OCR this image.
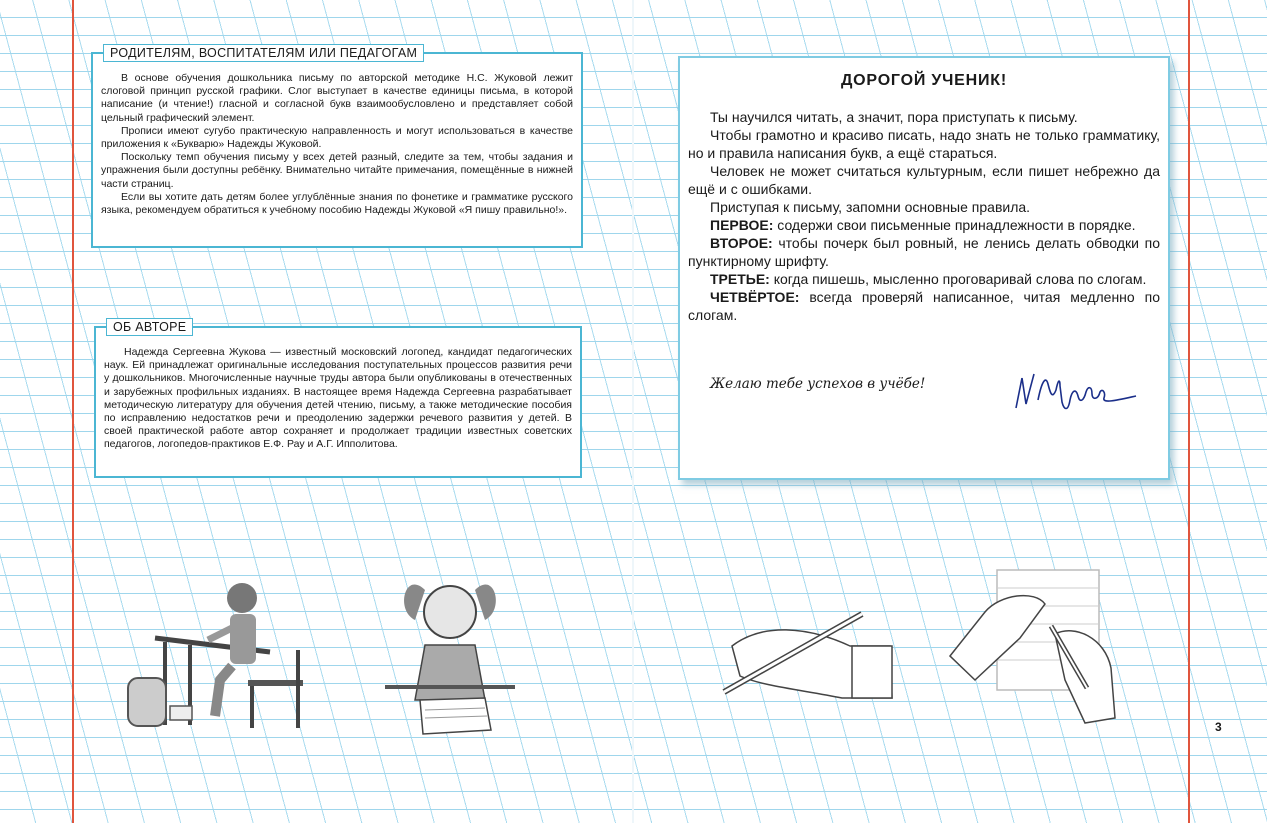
РОДИТЕЛЯМ, ВОСПИТАТЕЛЯМ ИЛИ ПЕДАГОГАМ

В основе обучения дошкольника письму по авторской методике Н.С. Жуковой лежит слоговой принцип русской графики. Слог выступает в качестве единицы письма, в которой написание (и чтение!) гласной и согласной букв взаимообусловлено и представляет собой цельный графический элемент.

Прописи имеют сугубо практическую направленность и могут использоваться в качестве приложения к «Букварю» Надежды Жуковой.

Поскольку темп обучения письму у всех детей разный, следите за тем, чтобы задания и упражнения были доступны ребёнку. Внимательно читайте примечания, помещённые в нижней части страниц.

Если вы хотите дать детям более углублённые знания по фонетике и грамматике русского языка, рекомендуем обратиться к учебному пособию Надежды Жуковой «Я пишу правильно!».

ОБ АВТОРЕ

Надежда Сергеевна Жукова — известный московский логопед, кандидат педагогических наук. Ей принадлежат оригинальные исследования поступательных процессов развития речи у дошкольников. Многочисленные научные труды автора были опубликованы в отечественных и зарубежных профильных изданиях. В настоящее время Надежда Сергеевна разрабатывает методическую литературу для обучения детей чтению, письму, а также методические пособия по исправлению недостатков речи и преодолению задержки речевого развития у детей. В своей практической работе автор сохраняет и продолжает традиции известных советских педагогов, логопедов-практиков Е.Ф. Рау и А.Г. Ипполитова.

ДОРОГОЙ УЧЕНИК!

Ты научился читать, а значит, пора приступать к письму.

Чтобы грамотно и красиво писать, надо знать не только грамматику, но и правила написания букв, а ещё стараться.

Человек не может считаться культурным, если пишет небрежно да ещё и с ошибками.

Приступая к письму, запомни основные правила.

ПЕРВОЕ: содержи свои письменные принадлежности в порядке.

ВТОРОЕ: чтобы почерк был ровный, не ленись делать обводки по пунктирному шрифту.

ТРЕТЬЕ: когда пишешь, мысленно проговаривай слова по слогам.

ЧЕТВЁРТОЕ: всегда проверяй написанное, читая медленно по слогам.

Желаю тебе успехов в учёбе!
3
